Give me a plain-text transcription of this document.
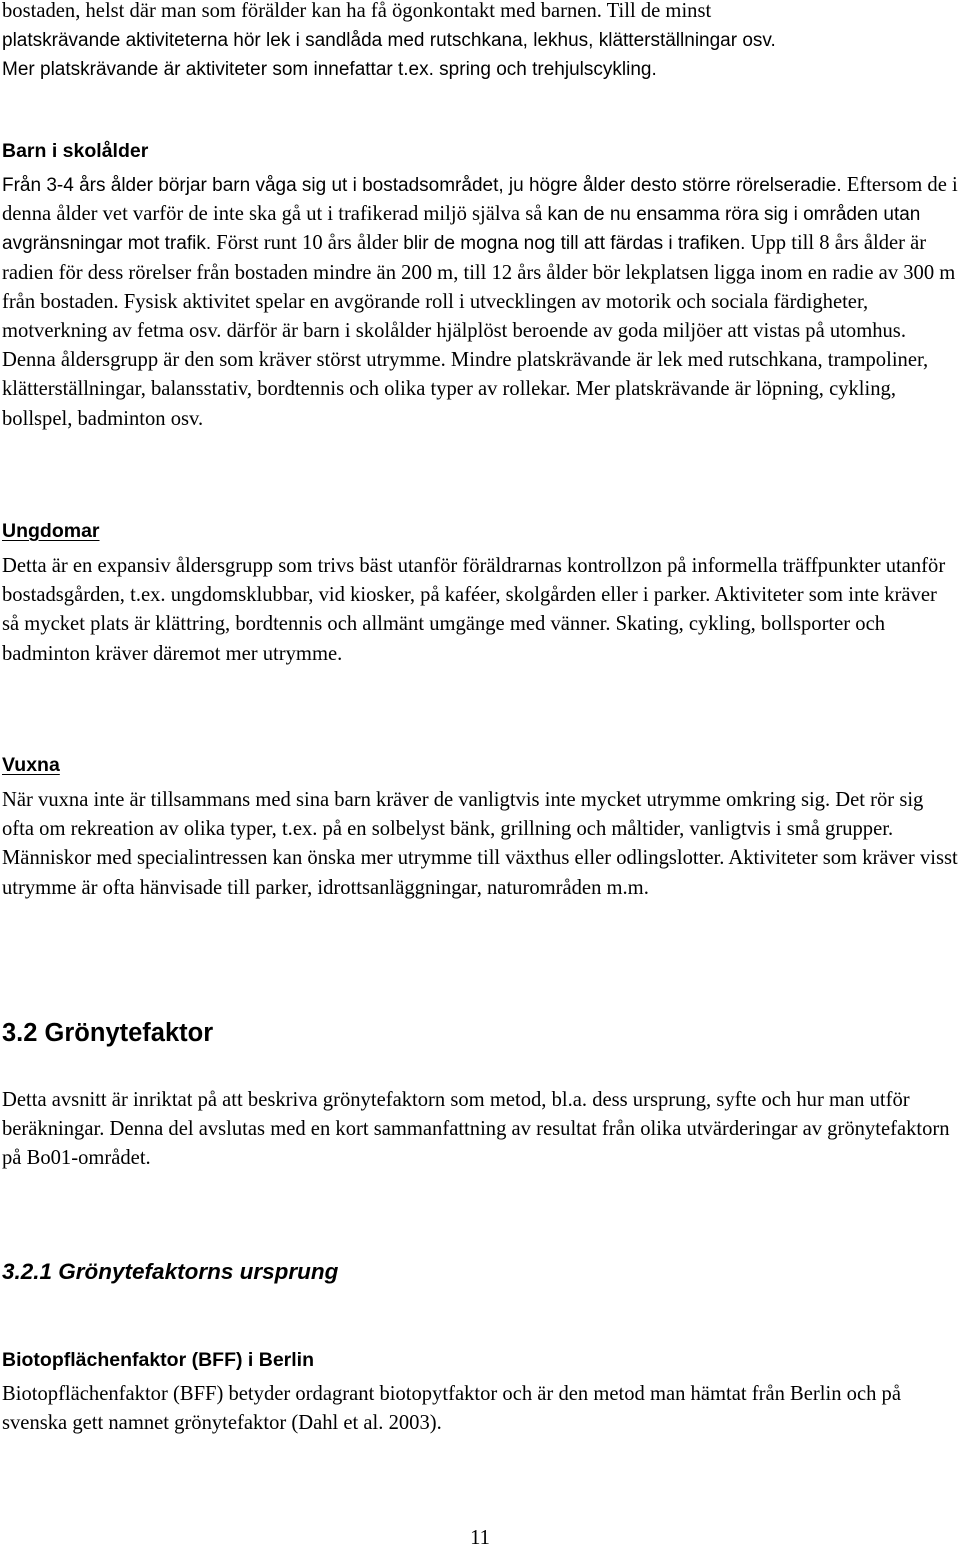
bostaden, helst där man som förälder kan ha få ögonkontakt med barnen. Till de minst
platskrävande aktiviteterna hör lek i sandlåda med rutschkana, lekhus, klätterställningar osv.
Mer platskrävande är aktiviteter som innefattar t.ex. spring och trehjulscykling.
Barn i skolålder
Från 3-4 års ålder börjar barn våga sig ut i bostadsområdet, ju högre ålder desto större rörelseradie. Eftersom de i denna ålder vet varför de inte ska gå ut i trafikerad miljö själva så kan de nu ensamma röra sig i områden utan avgränsningar mot trafik. Först runt 10 års ålder blir de mogna nog till att färdas i trafiken. Upp till 8 års ålder är radien för dess rörelser från bostaden mindre än 200 m, till 12 års ålder bör lekplatsen ligga inom en radie av 300 m från bostaden. Fysisk aktivitet spelar en avgörande roll i utvecklingen av motorik och sociala färdigheter, motverkning av fetma osv. därför är barn i skolålder hjälplöst beroende av goda miljöer att vistas på utomhus. Denna åldersgrupp är den som kräver störst utrymme. Mindre platskrävande är lek med rutschkana, trampoliner, klätterställningar, balansstativ, bordtennis och olika typer av rollekar. Mer platskrävande är löpning, cykling, bollspel, badminton osv.
Ungdomar
Detta är en expansiv åldersgrupp som trivs bäst utanför föräldrarnas kontrollzon på informella träffpunkter utanför bostadsgården, t.ex. ungdomsklubbar, vid kiosker, på kaféer, skolgården eller i parker. Aktiviteter som inte kräver så mycket plats är klättring, bordtennis och allmänt umgänge med vänner. Skating, cykling, bollsporter och badminton kräver däremot mer utrymme.
Vuxna
När vuxna inte är tillsammans med sina barn kräver de vanligtvis inte mycket utrymme omkring sig. Det rör sig ofta om rekreation av olika typer, t.ex. på en solbelyst bänk, grillning och måltider, vanligtvis i små grupper. Människor med specialintressen kan önska mer utrymme till växthus eller odlingslotter. Aktiviteter som kräver visst utrymme är ofta hänvisade till parker, idrottsanläggningar, naturområden m.m.
3.2 Grönytefaktor
Detta avsnitt är inriktat på att beskriva grönytefaktorn som metod, bl.a. dess ursprung, syfte och hur man utför beräkningar. Denna del avslutas med en kort sammanfattning av resultat från olika utvärderingar av grönytefaktorn på Bo01-området.
3.2.1 Grönytefaktorns ursprung
Biotopflächenfaktor (BFF) i Berlin
Biotopflächenfaktor (BFF) betyder ordagrant biotopytfaktor och är den metod man hämtat från Berlin och på svenska gett namnet grönytefaktor (Dahl et al. 2003).
11
